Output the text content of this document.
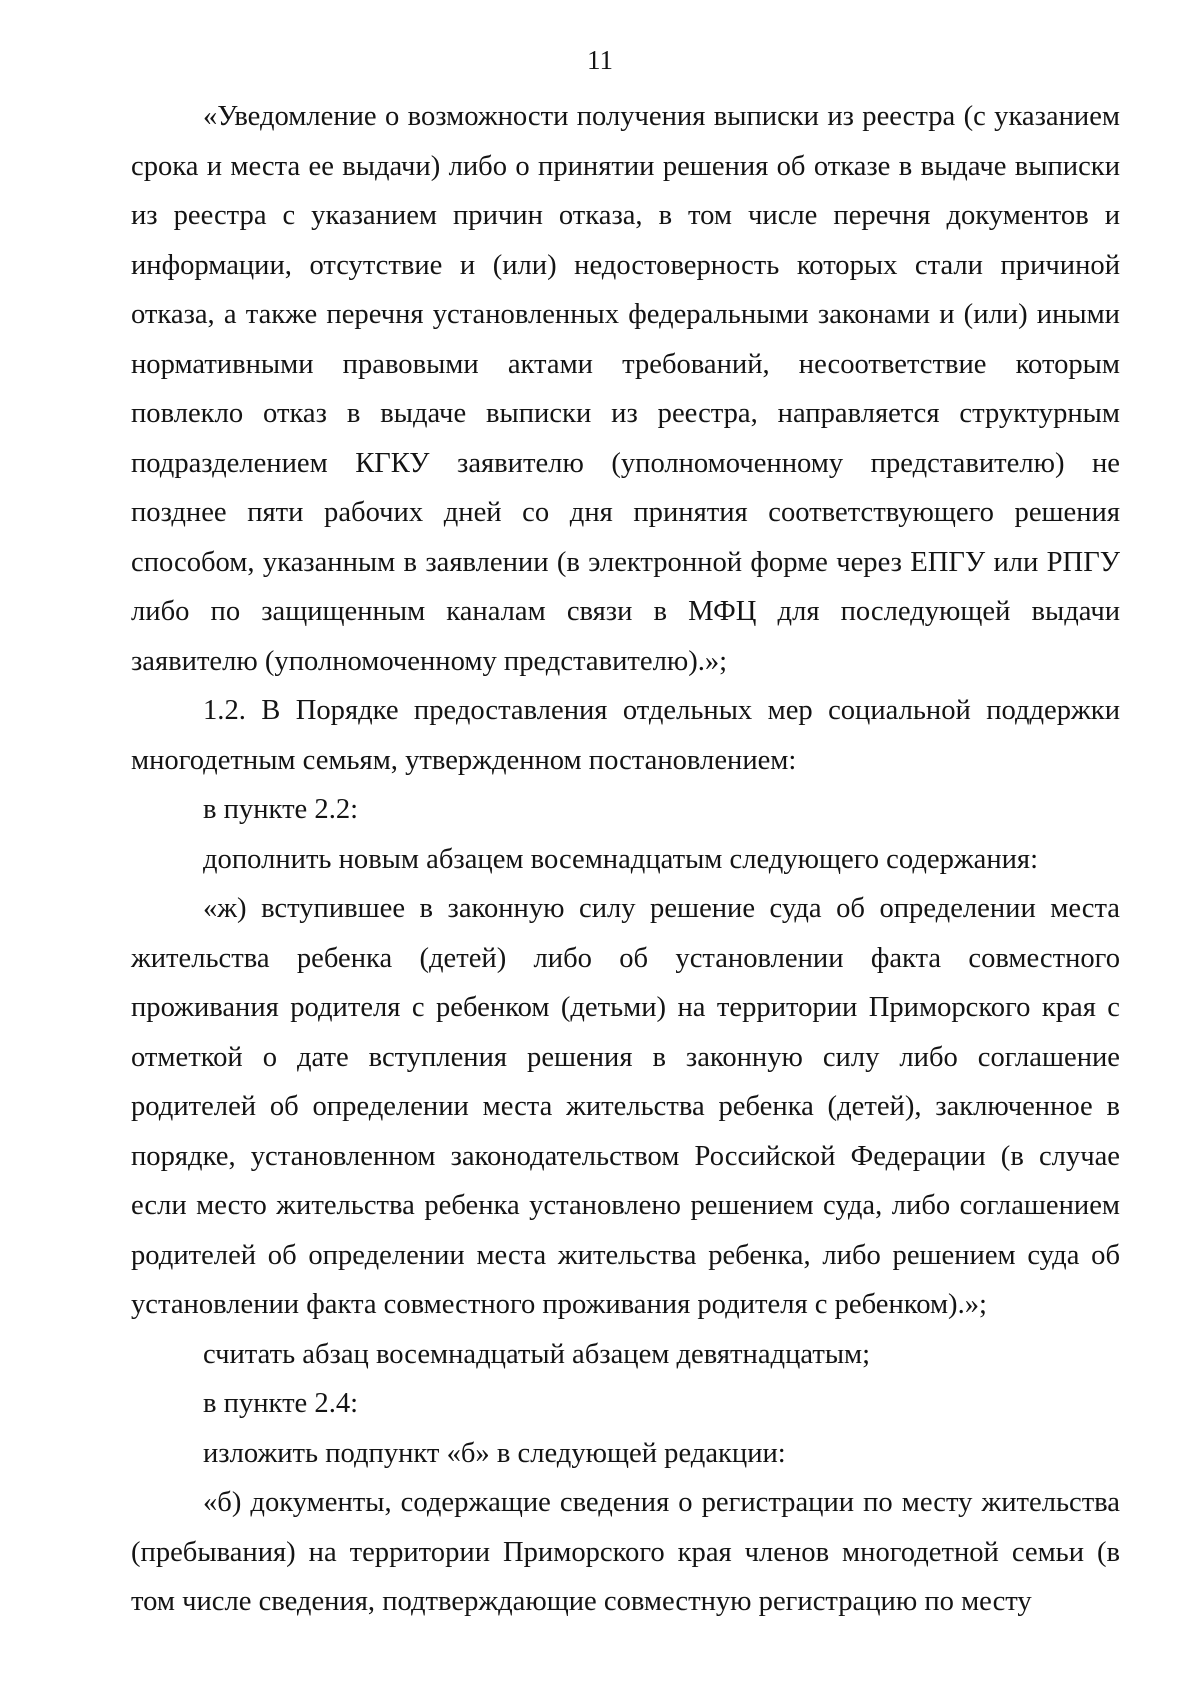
11

«Уведомление о возможности получения выписки из реестра (с указанием срока и места ее выдачи) либо о принятии решения об отказе в выдаче выписки из реестра с указанием причин отказа, в том числе перечня документов и информации, отсутствие и (или) недостоверность которых стали причиной отказа, а также перечня установленных федеральными законами и (или) иными нормативными правовыми актами требований, несоответствие которым повлекло отказ в выдаче выписки из реестра, направляется структурным подразделением КГКУ заявителю (уполномоченному представителю) не позднее пяти рабочих дней со дня принятия соответствующего решения способом, указанным в заявлении (в электронной форме через ЕПГУ или РПГУ либо по защищенным каналам связи в МФЦ для последующей выдачи заявителю (уполномоченному представителю).»;

1.2. В Порядке предоставления отдельных мер социальной поддержки многодетным семьям, утвержденном постановлением:

в пункте 2.2:

дополнить новым абзацем восемнадцатым следующего содержания:

«ж) вступившее в законную силу решение суда об определении места жительства ребенка (детей) либо об установлении факта совместного проживания родителя с ребенком (детьми) на территории Приморского края с отметкой о дате вступления решения в законную силу либо соглашение родителей об определении места жительства ребенка (детей), заключенное в порядке, установленном законодательством Российской Федерации (в случае если место жительства ребенка установлено решением суда, либо соглашением родителей об определении места жительства ребенка, либо решением суда об установлении факта совместного проживания родителя с ребенком).»;

считать абзац восемнадцатый абзацем девятнадцатым;

в пункте 2.4:

изложить подпункт «б» в следующей редакции:

«б) документы, содержащие сведения о регистрации по месту жительства (пребывания) на территории Приморского края членов многодетной семьи (в том числе сведения, подтверждающие совместную регистрацию по месту
